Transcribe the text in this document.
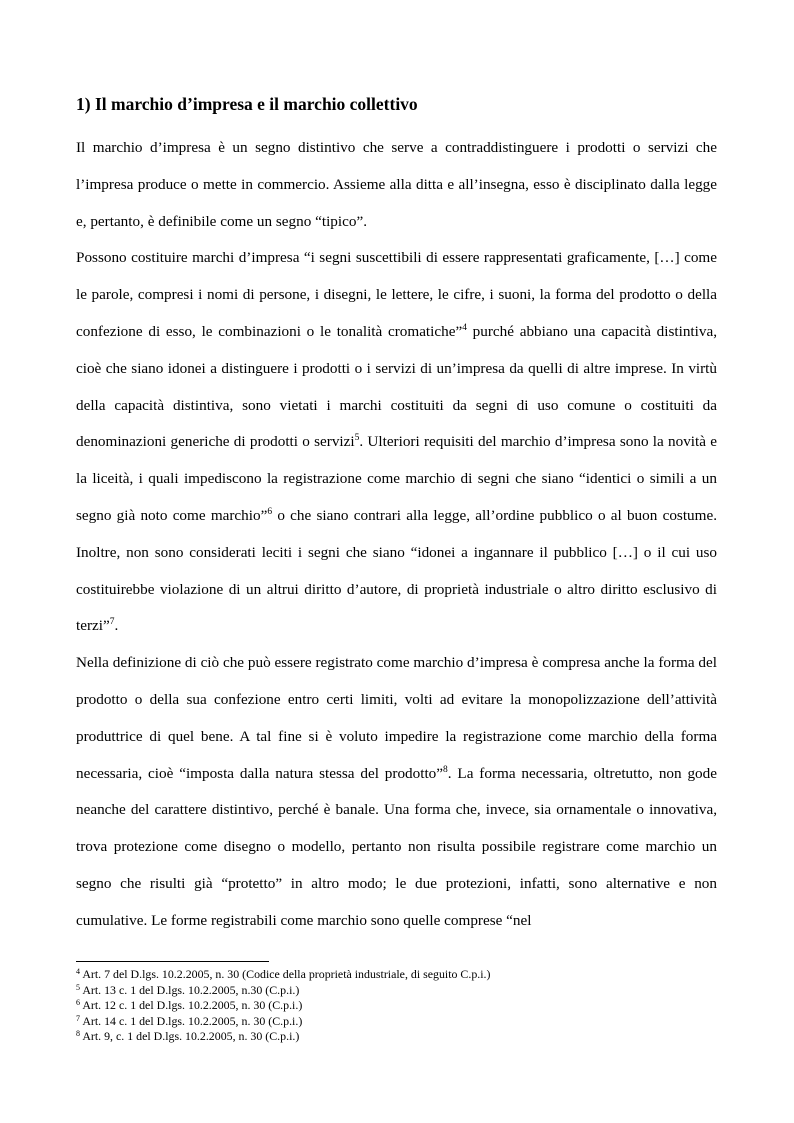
1) Il marchio d’impresa e il marchio collettivo

Il marchio d’impresa è un segno distintivo che serve a contraddistinguere i prodotti o servizi che l’impresa produce o mette in commercio. Assieme alla ditta e all’insegna, esso è disciplinato dalla legge e, pertanto, è definibile come un segno “tipico”.

Possono costituire marchi d’impresa “i segni suscettibili di essere rappresentati graficamente, […] come le parole, compresi i nomi di persone, i disegni, le lettere, le cifre, i suoni, la forma del prodotto o della confezione di esso, le combinazioni o le tonalità cromatiche”$^4$ purché abbiano una capacità distintiva, cioè che siano idonei a distinguere i prodotti o i servizi di un’impresa da quelli di altre imprese. In virtù della capacità distintiva, sono vietati i marchi costituiti da segni di uso comune o costituiti da denominazioni generiche di prodotti o servizi$^5$. Ulteriori requisiti del marchio d’impresa sono la novità e la liceità, i quali impediscono la registrazione come marchio di segni che siano “identici o simili a un segno già noto come marchio”$^6$ o che siano contrari alla legge, all’ordine pubblico o al buon costume. Inoltre, non sono considerati leciti i segni che siano “idonei a ingannare il pubblico […] o il cui uso costituirebbe violazione di un altrui diritto d’autore, di proprietà industriale o altro diritto esclusivo di terzi”$^7$.

Nella definizione di ciò che può essere registrato come marchio d’impresa è compresa anche la forma del prodotto o della sua confezione entro certi limiti, volti ad evitare la monopolizzazione dell’attività produttrice di quel bene. A tal fine si è voluto impedire la registrazione come marchio della forma necessaria, cioè “imposta dalla natura stessa del prodotto”$^8$. La forma necessaria, oltretutto, non gode neanche del carattere distintivo, perché è banale. Una forma che, invece, sia ornamentale o innovativa, trova protezione come disegno o modello, pertanto non risulta possibile registrare come marchio un segno che risulti già “protetto” in altro modo; le due protezioni, infatti, sono alternative e non cumulative. Le forme registrabili come marchio sono quelle comprese “nel

$^4$ Art. 7 del D.lgs. 10.2.2005, n. 30 (Codice della proprietà industriale, di seguito C.p.i.)

$^5$ Art. 13 c. 1 del D.lgs. 10.2.2005, n.30 (C.p.i.)

$^6$ Art. 12 c. 1 del D.lgs. 10.2.2005, n. 30 (C.p.i.)

$^7$ Art. 14 c. 1 del D.lgs. 10.2.2005, n. 30 (C.p.i.)

$^8$ Art. 9, c. 1 del D.lgs. 10.2.2005, n. 30 (C.p.i.)
